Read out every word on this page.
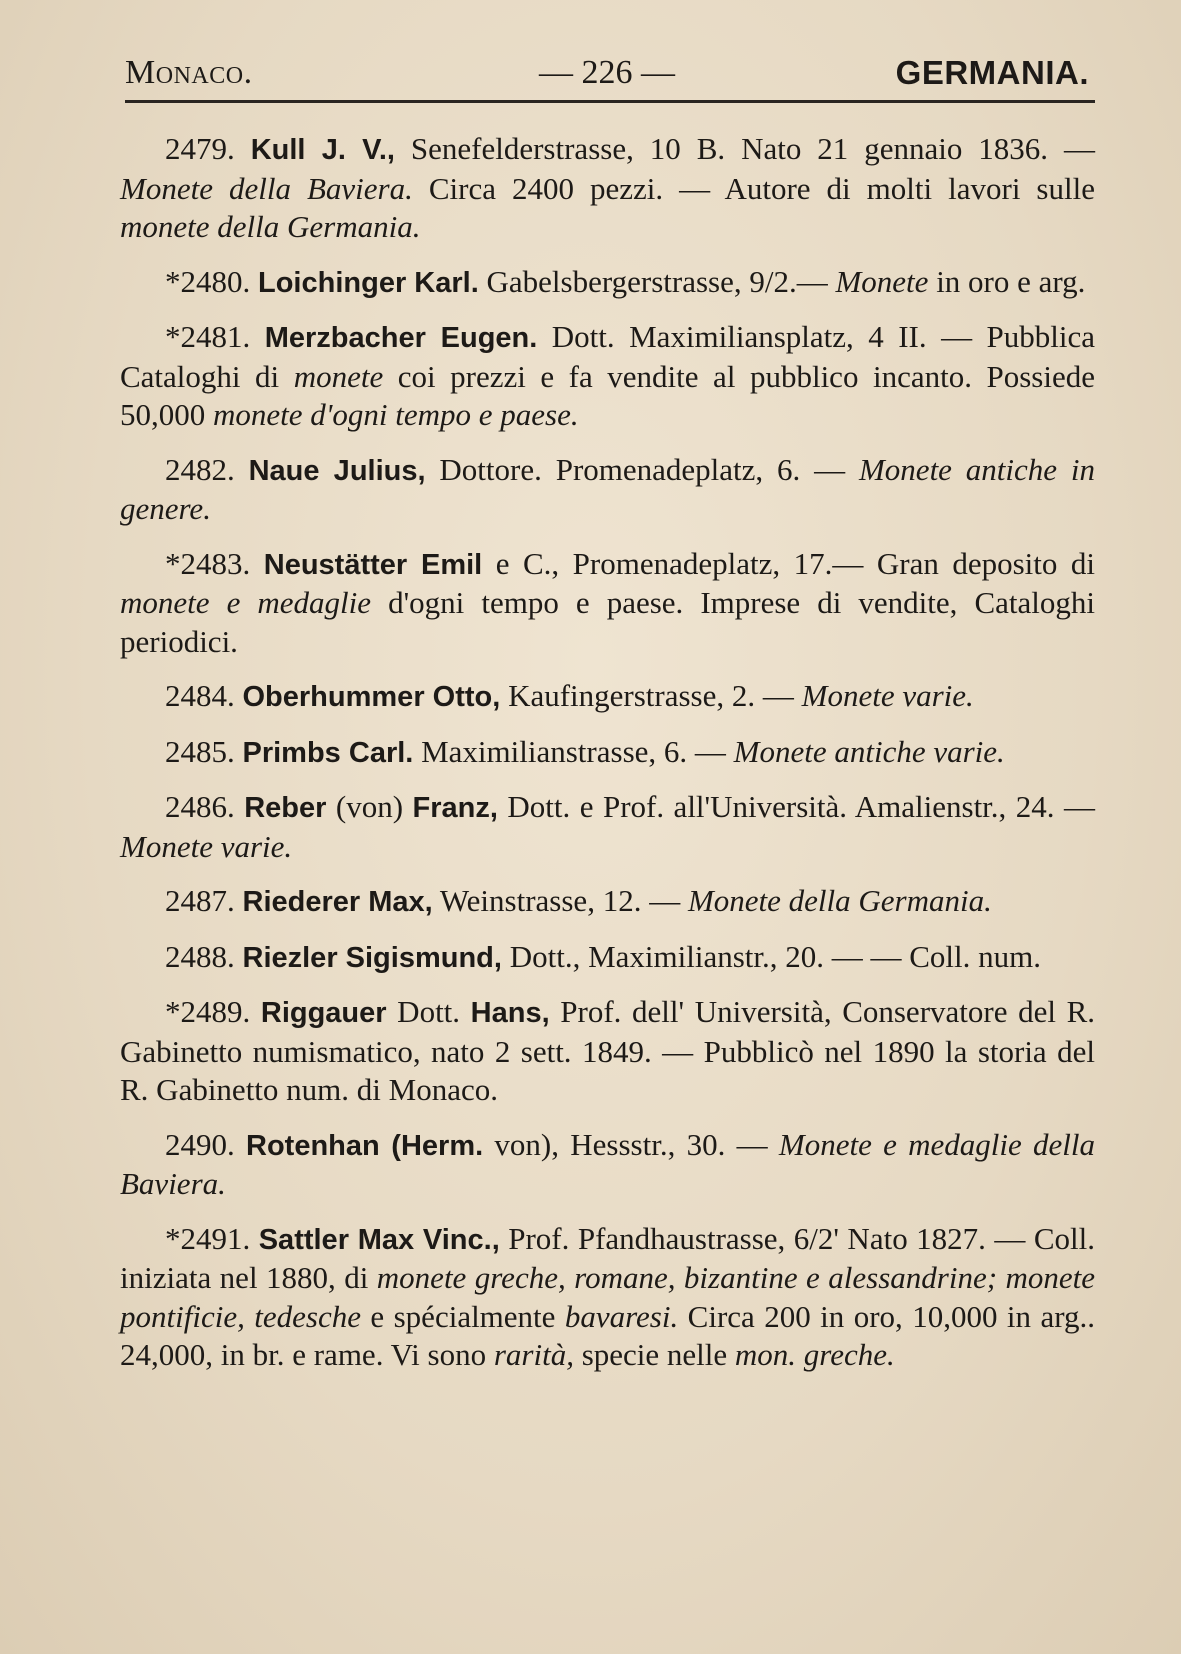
Monaco.	— 226 —	GERMANIA.

2479. Kull J. V., Senefelderstrasse, 10 B. Nato 21 gennaio 1836. — Monete della Baviera. Circa 2400 pezzi. — Autore di molti lavori sulle monete della Germania.

*2480. Loichinger Karl. Gabelsbergerstrasse, 9/2.— Monete in oro e arg.

*2481. Merzbacher Eugen. Dott. Maximiliansplatz, 4 II. — Pubblica Cataloghi di monete coi prezzi e fa vendite al pubblico incanto. Possiede 50,000 monete d'ogni tempo e paese.

2482. Naue Julius, Dottore. Promenadeplatz, 6. — Monete antiche in genere.

*2483. Neustätter Emil e C., Promenadeplatz, 17.— Gran deposito di monete e medaglie d'ogni tempo e paese. Imprese di vendite, Cataloghi periodici.

2484. Oberhummer Otto, Kaufingerstrasse, 2. — Monete varie.

2485. Primbs Carl. Maximilianstrasse, 6. — Monete antiche varie.

2486. Reber (von) Franz, Dott. e Prof. all'Università. Amalienstr., 24. — Monete varie.

2487. Riederer Max, Weinstrasse, 12. — Monete della Germania.

2488. Riezler Sigismund, Dott., Maximilianstr., 20. — — Coll. num.

*2489. Riggauer Dott. Hans, Prof. dell' Università, Conservatore del R. Gabinetto numismatico, nato 2 sett. 1849. — Pubblicò nel 1890 la storia del R. Gabinetto num. di Monaco.

2490. Rotenhan (Herm. von), Hessstr., 30. — Monete e medaglie della Baviera.

*2491. Sattler Max Vinc., Prof. Pfandhaustrasse, 6/2' Nato 1827. — Coll. iniziata nel 1880, di monete greche, romane, bizantine e alessandrine; monete pontificie, tedesche e spécialmente bavaresi. Circa 200 in oro, 10,000 in arg.. 24,000, in br. e rame. Vi sono rarità, specie nelle mon. greche.
